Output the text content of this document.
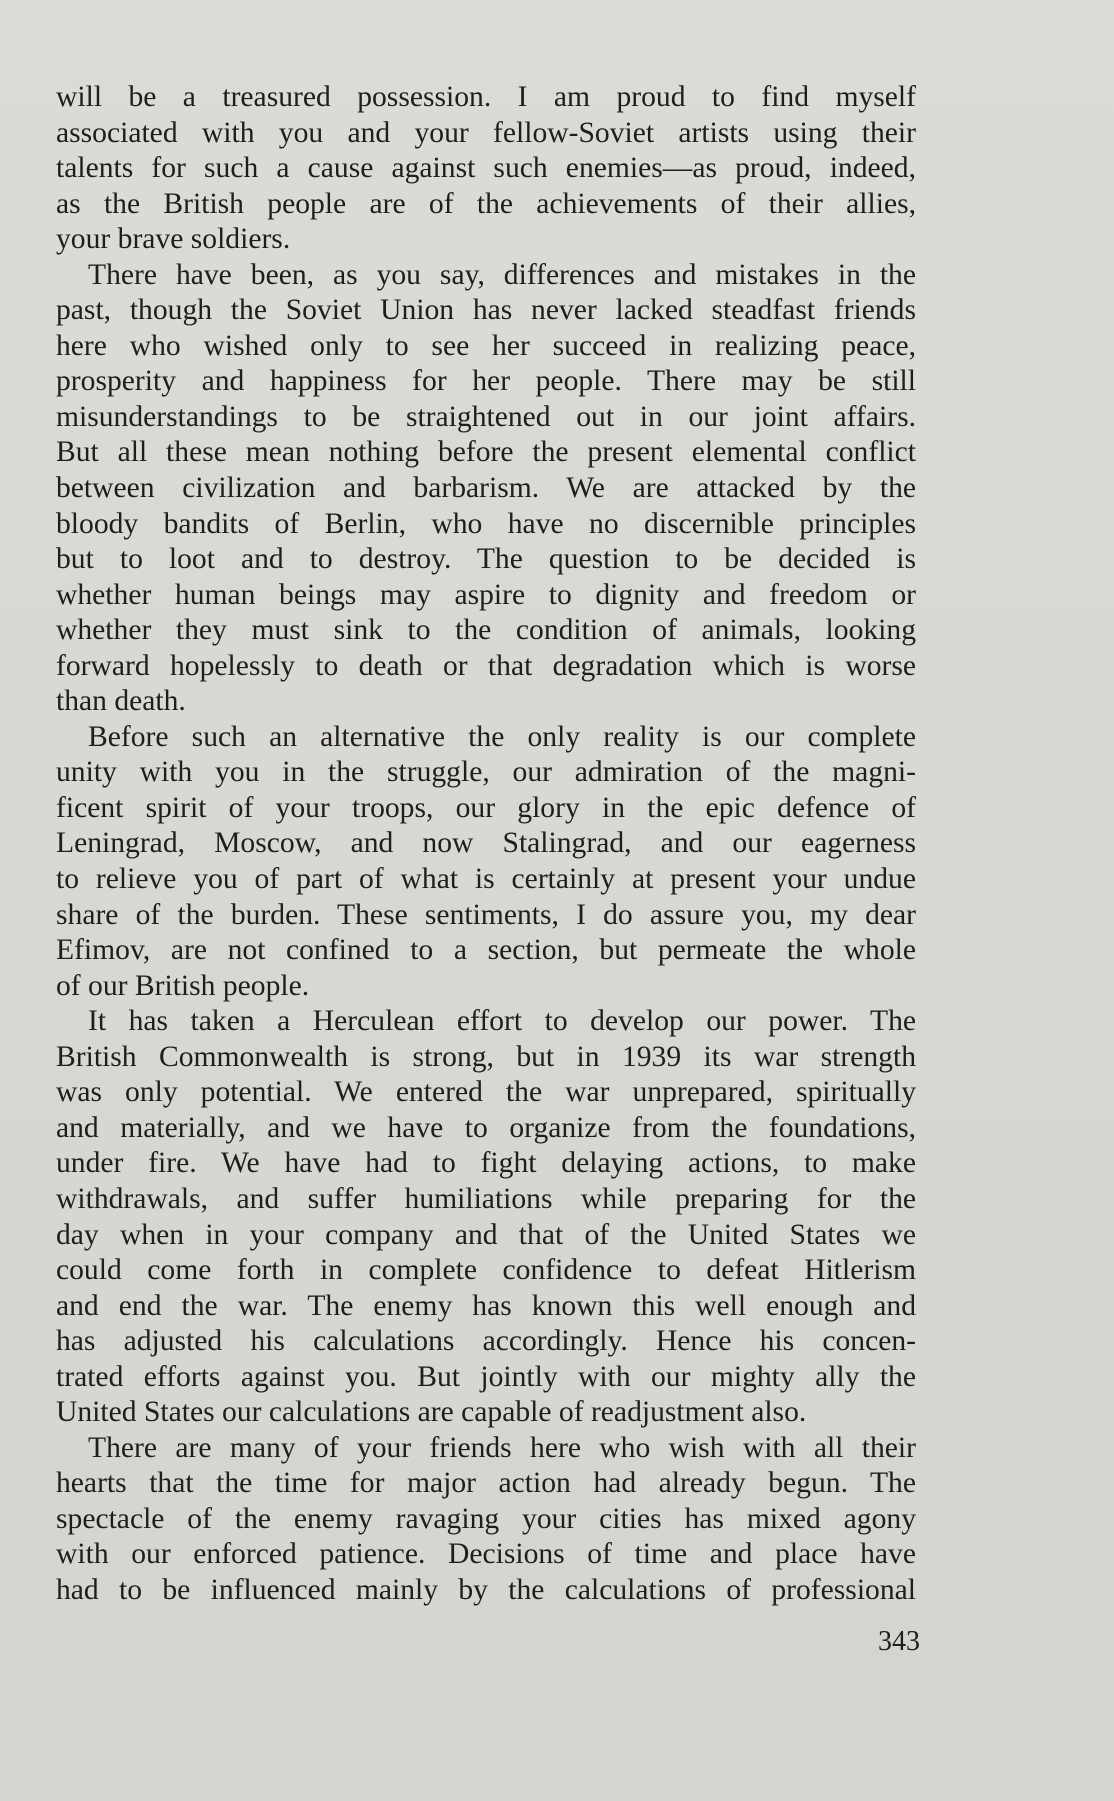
will be a treasured possession. I am proud to find myself
associated with you and your fellow-Soviet artists using their
talents for such a cause against such enemies—as proud, indeed,
as the British people are of the achievements of their allies,
your brave soldiers.
There have been, as you say, differences and mistakes in the
past, though the Soviet Union has never lacked steadfast friends
here who wished only to see her succeed in realizing peace,
prosperity and happiness for her people. There may be still
misunderstandings to be straightened out in our joint affairs.
But all these mean nothing before the present elemental conflict
between civilization and barbarism. We are attacked by the
bloody bandits of Berlin, who have no discernible principles
but to loot and to destroy. The question to be decided is
whether human beings may aspire to dignity and freedom or
whether they must sink to the condition of animals, looking
forward hopelessly to death or that degradation which is worse
than death.
Before such an alternative the only reality is our complete
unity with you in the struggle, our admiration of the magni-
ficent spirit of your troops, our glory in the epic defence of
Leningrad, Moscow, and now Stalingrad, and our eagerness
to relieve you of part of what is certainly at present your undue
share of the burden. These sentiments, I do assure you, my dear
Efimov, are not confined to a section, but permeate the whole
of our British people.
It has taken a Herculean effort to develop our power. The
British Commonwealth is strong, but in 1939 its war strength
was only potential. We entered the war unprepared, spiritually
and materially, and we have to organize from the foundations,
under fire. We have had to fight delaying actions, to make
withdrawals, and suffer humiliations while preparing for the
day when in your company and that of the United States we
could come forth in complete confidence to defeat Hitlerism
and end the war. The enemy has known this well enough and
has adjusted his calculations accordingly. Hence his concen-
trated efforts against you. But jointly with our mighty ally the
United States our calculations are capable of readjustment also.
There are many of your friends here who wish with all their
hearts that the time for major action had already begun. The
spectacle of the enemy ravaging your cities has mixed agony
with our enforced patience. Decisions of time and place have
had to be influenced mainly by the calculations of professional
343
